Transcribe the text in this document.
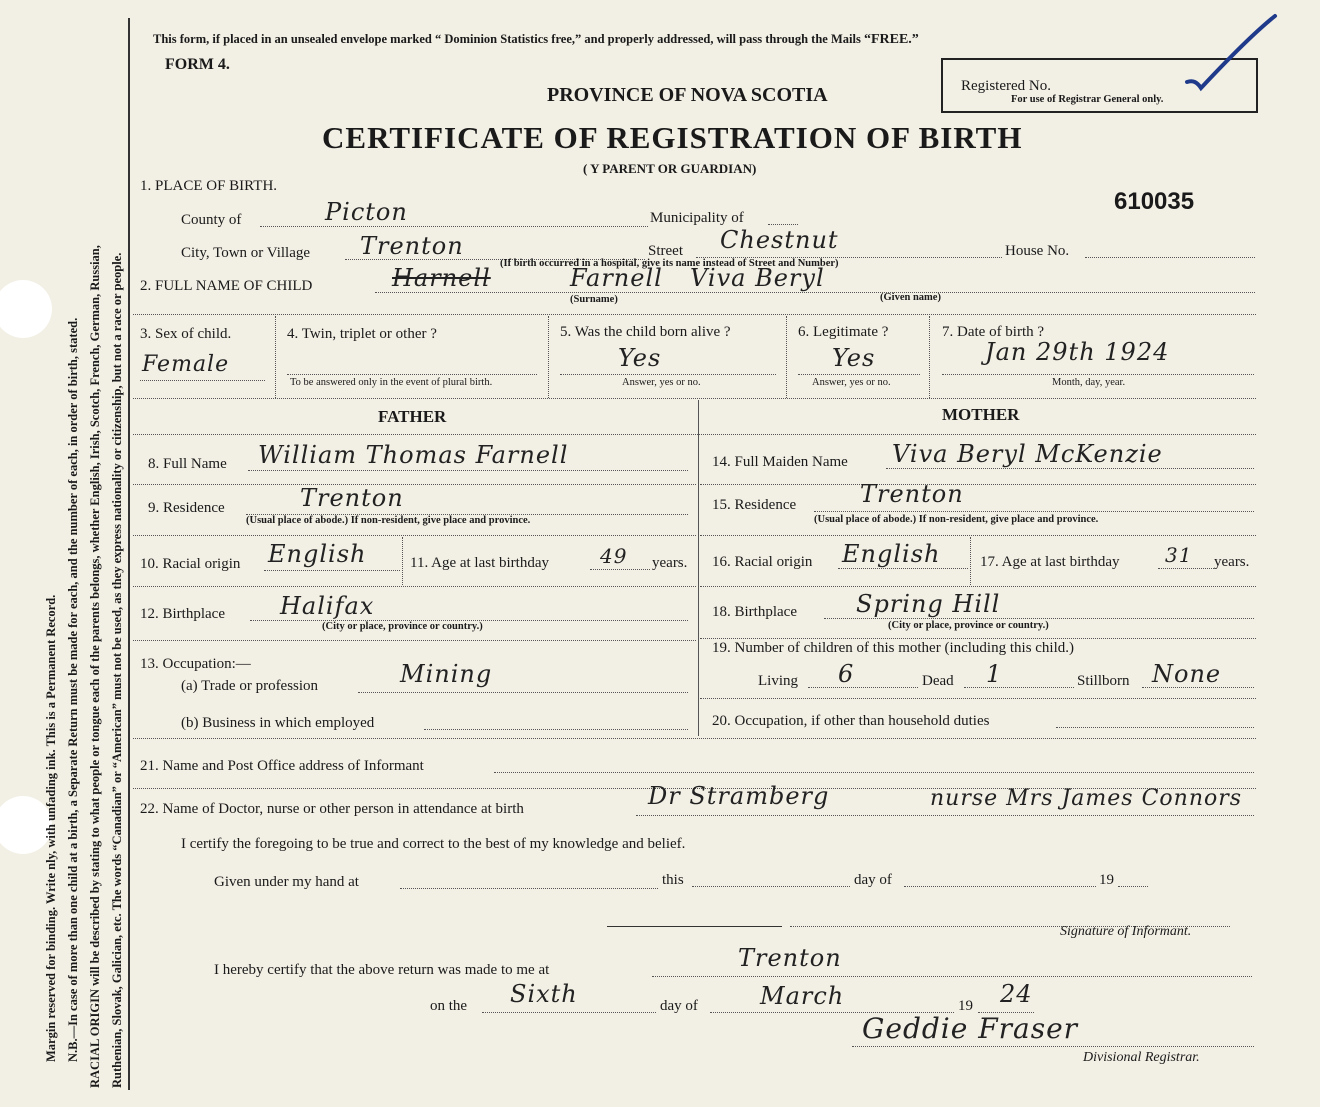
Margin reserved for binding. Write nly, with unfading ink. This is a Permanent Record. N.B.—In case of more than one child at a birth, a Separate Return must be made for each, and the number of each, in order of birth, stated. RACIAL ORIGIN will be described by stating to what people or tongue each of the parents belongs, whether English, Irish, Scotch, French, German, Russian, Ruthenian, Slovak, Galician, etc. The words “Canadian” or “American” must not be used, as they express nationality or citizenship, but not a race or people.
This form, if placed in an unsealed envelope marked “ Dominion Statistics free,” and properly addressed, will pass through the Mails “FREE.”
FORM 4.
PROVINCE OF NOVA SCOTIA
CERTIFICATE OF REGISTRATION OF BIRTH
( Y PARENT OR GUARDIAN)
Registered No.
For use of Registrar General only.
610035
1. PLACE OF BIRTH.
County of	Picton	Municipality of
City, Town or Village Trenton	Street Chestnut	House No.
(If birth occurred in a hospital, give its name instead of Street and Number)
2. FULL NAME OF CHILD	Harnell	Farnell Viva Beryl
(Surname)	(Given name)
3. Sex of child.
Female
4. Twin, triplet or other ?
To be answered only in the event of plural birth.
5. Was the child born alive ?
Yes
Answer, yes or no.
6. Legitimate ?
Yes
Answer, yes or no.
7. Date of birth ?
Jan 29th 1924
Month, day, year.
FATHER	MOTHER
8. Full Name William Thomas Farnell
9. Residence	Trenton
(Usual place of abode.) If non-resident, give place and province.
10. Racial origin English	11. Age at last birthday	49 years.
12. Birthplace Halifax
(City or place, province or country.)
13. Occupation:—
(a) Trade or profession	Mining
(b) Business in which employed
14. Full Maiden Name Viva Beryl McKenzie
15. Residence	Trenton
(Usual place of abode.) If non-resident, give place and province.
16. Racial origin English	17. Age at last birthday 31 years.
18. Birthplace Spring Hill
(City or place, province or country.)
19. Number of children of this mother (including this child.)
Living 6	Dead 1	Stillborn None
20. Occupation, if other than household duties
21. Name and Post Office address of Informant
22. Name of Doctor, nurse or other person in attendance at birth	Dr Stramberg	nurse Mrs James Connors
I certify the foregoing to be true and correct to the best of my knowledge and belief.
Given under my hand at	this	day of	19
Signature of Informant.
I hereby certify that the above return was made to me at	Trenton
on the Sixth	day of	March	19 24
Geddie Fraser
Divisional Registrar.
